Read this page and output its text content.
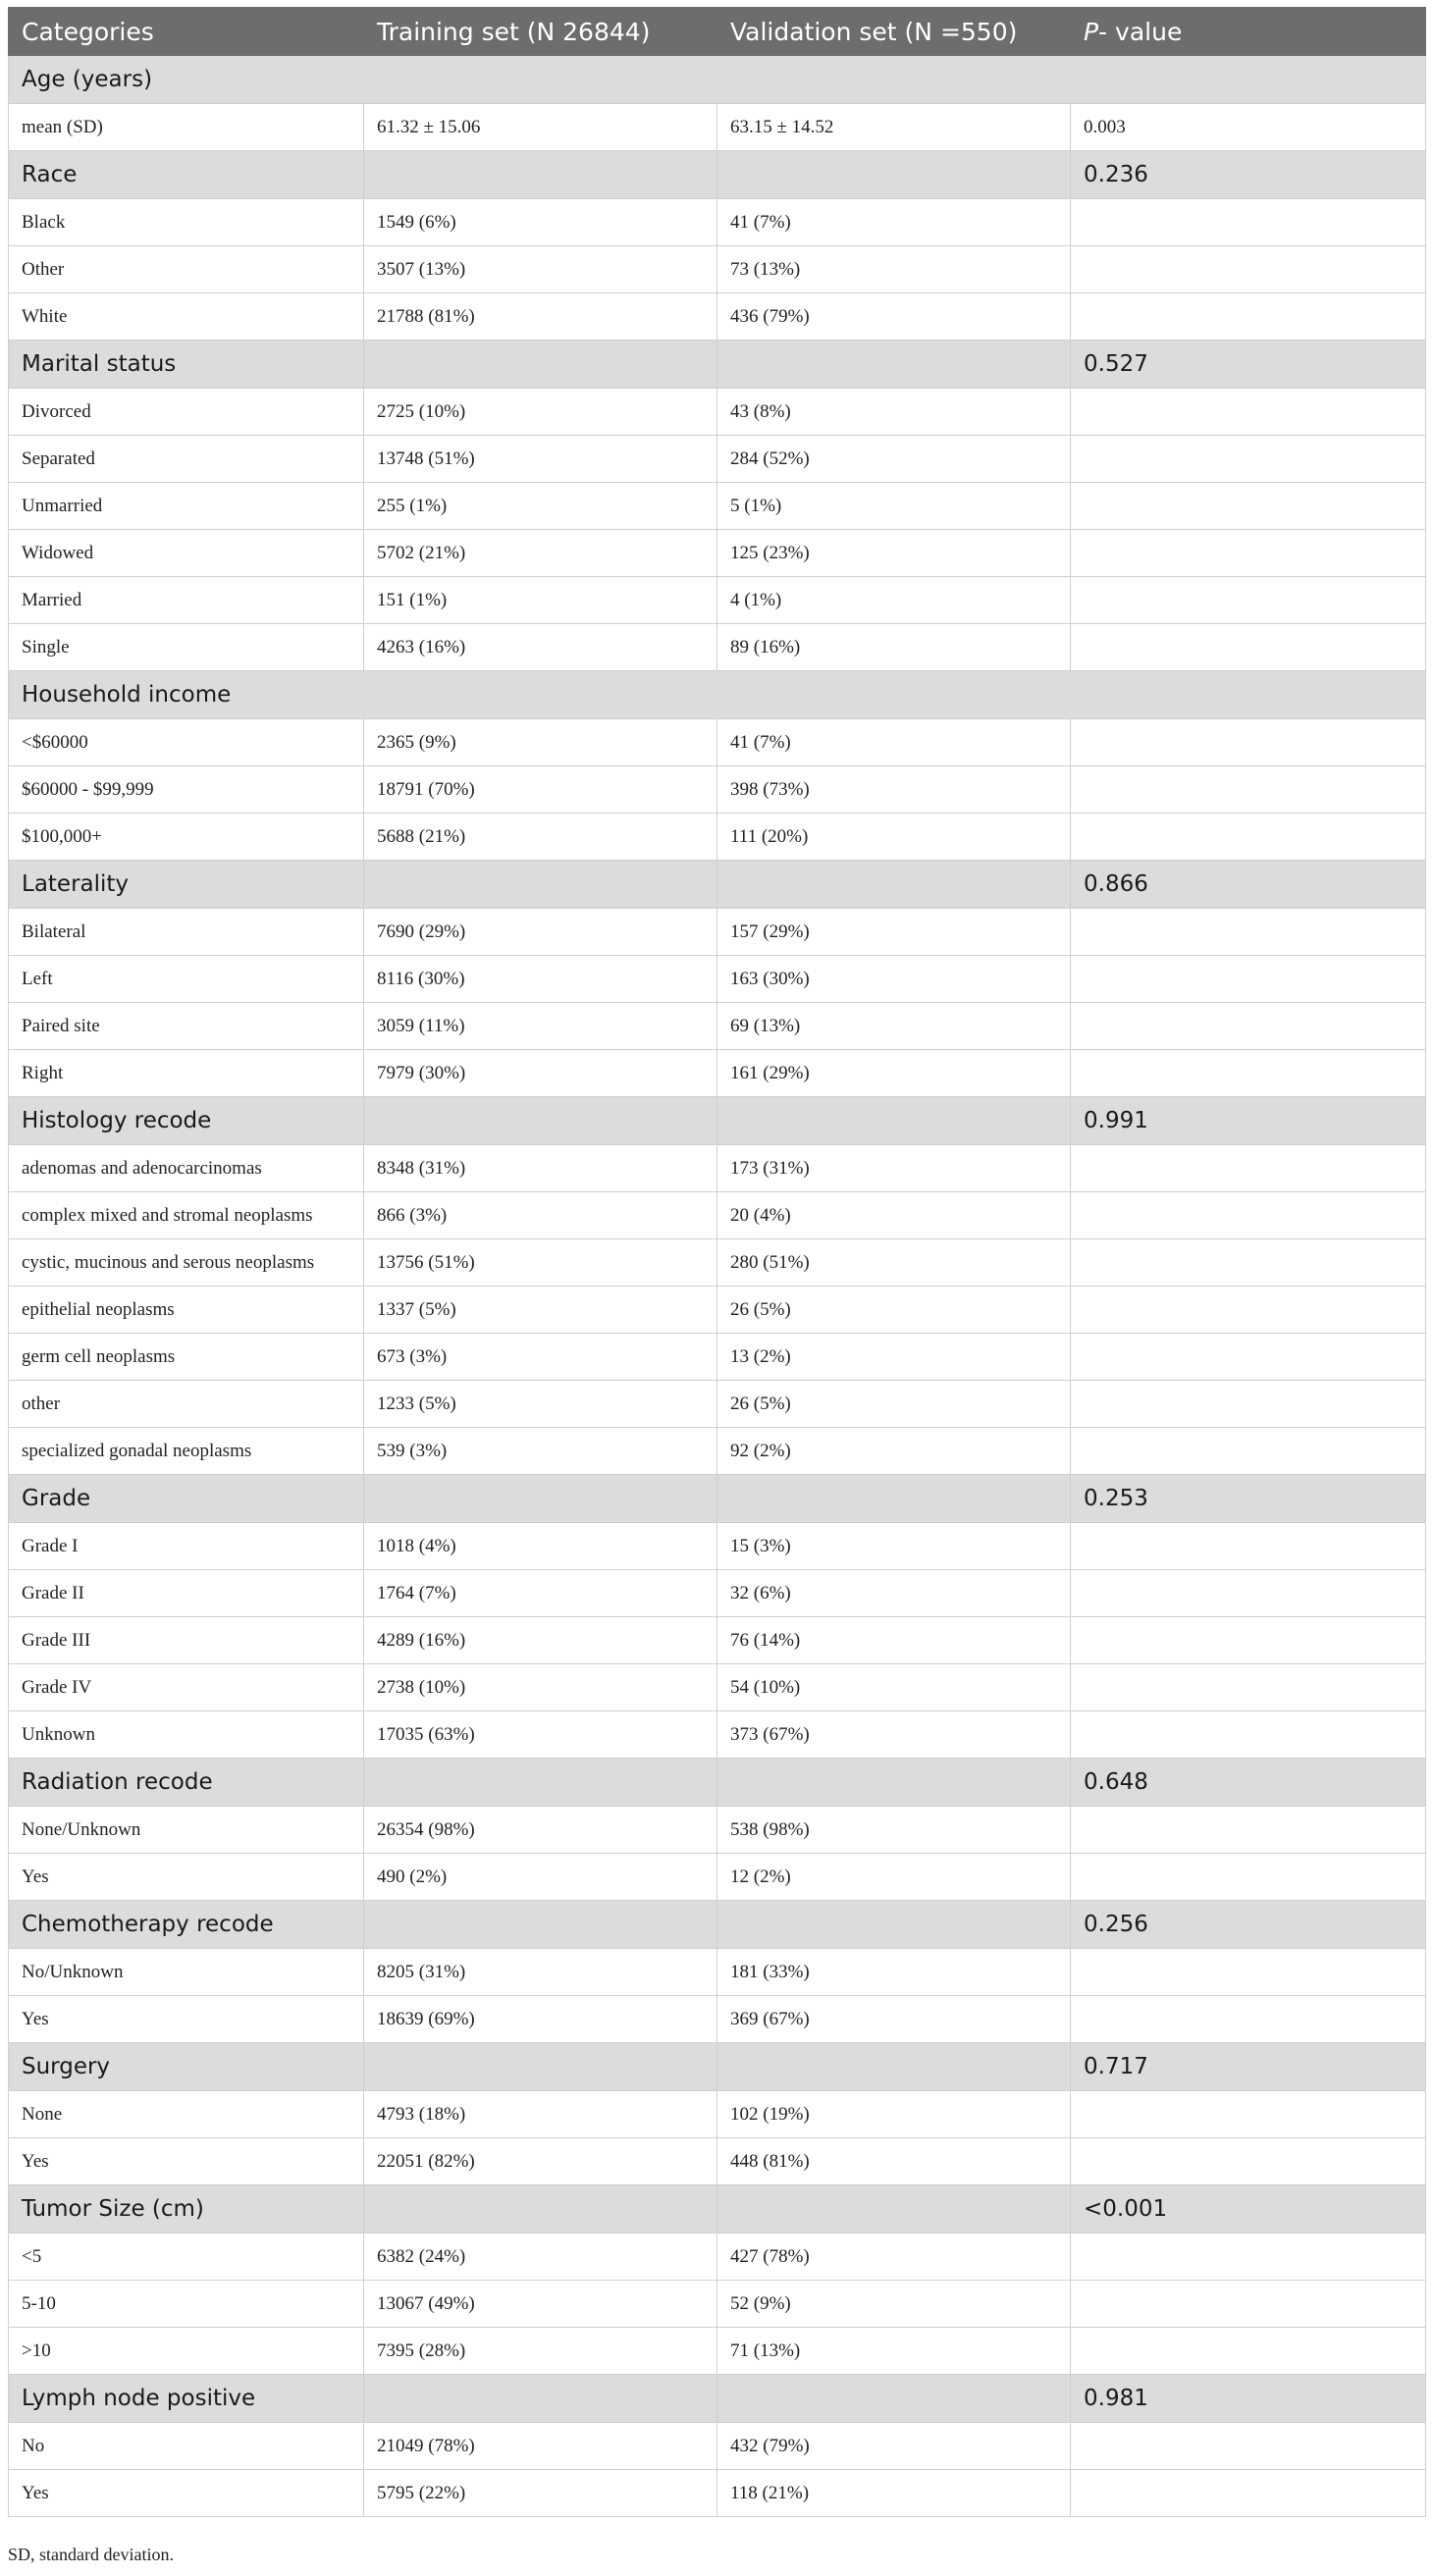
Categories	Training set (N 26844)	Validation set (N =550)	P- value
Age (years)			
mean (SD)	61.32 ± 15.06	63.15 ± 14.52	0.003
Race			0.236
Black	1549 (6%)	41 (7%)	
Other	3507 (13%)	73 (13%)	
White	21788 (81%)	436 (79%)	
Marital status			0.527
Divorced	2725 (10%)	43 (8%)	
Separated	13748 (51%)	284 (52%)	
Unmarried	255 (1%)	5 (1%)	
Widowed	5702 (21%)	125 (23%)	
Married	151 (1%)	4 (1%)	
Single	4263 (16%)	89 (16%)	
Household income			
<$60000	2365 (9%)	41 (7%)	
$60000 - $99,999	18791 (70%)	398 (73%)	
$100,000+	5688 (21%)	111 (20%)	
Laterality			0.866
Bilateral	7690 (29%)	157 (29%)	
Left	8116 (30%)	163 (30%)	
Paired site	3059 (11%)	69 (13%)	
Right	7979 (30%)	161 (29%)	
Histology recode			0.991
adenomas and adenocarcinomas	8348 (31%)	173 (31%)	
complex mixed and stromal neoplasms	866 (3%)	20 (4%)	
cystic, mucinous and serous neoplasms	13756 (51%)	280 (51%)	
epithelial neoplasms	1337 (5%)	26 (5%)	
germ cell neoplasms	673 (3%)	13 (2%)	
other	1233 (5%)	26 (5%)	
specialized gonadal neoplasms	539 (3%)	92 (2%)	
Grade			0.253
Grade I	1018 (4%)	15 (3%)	
Grade II	1764 (7%)	32 (6%)	
Grade III	4289 (16%)	76 (14%)	
Grade IV	2738 (10%)	54 (10%)	
Unknown	17035 (63%)	373 (67%)	
Radiation recode			0.648
None/Unknown	26354 (98%)	538 (98%)	
Yes	490 (2%)	12 (2%)	
Chemotherapy recode			0.256
No/Unknown	8205 (31%)	181 (33%)	
Yes	18639 (69%)	369 (67%)	
Surgery			0.717
None	4793 (18%)	102 (19%)	
Yes	22051 (82%)	448 (81%)	
Tumor Size (cm)			<0.001
<5	6382 (24%)	427 (78%)	
5-10	13067 (49%)	52 (9%)	
>10	7395 (28%)	71 (13%)	
Lymph node positive			0.981
No	21049 (78%)	432 (79%)	
Yes	5795 (22%)	118 (21%)	
SD, standard deviation.
